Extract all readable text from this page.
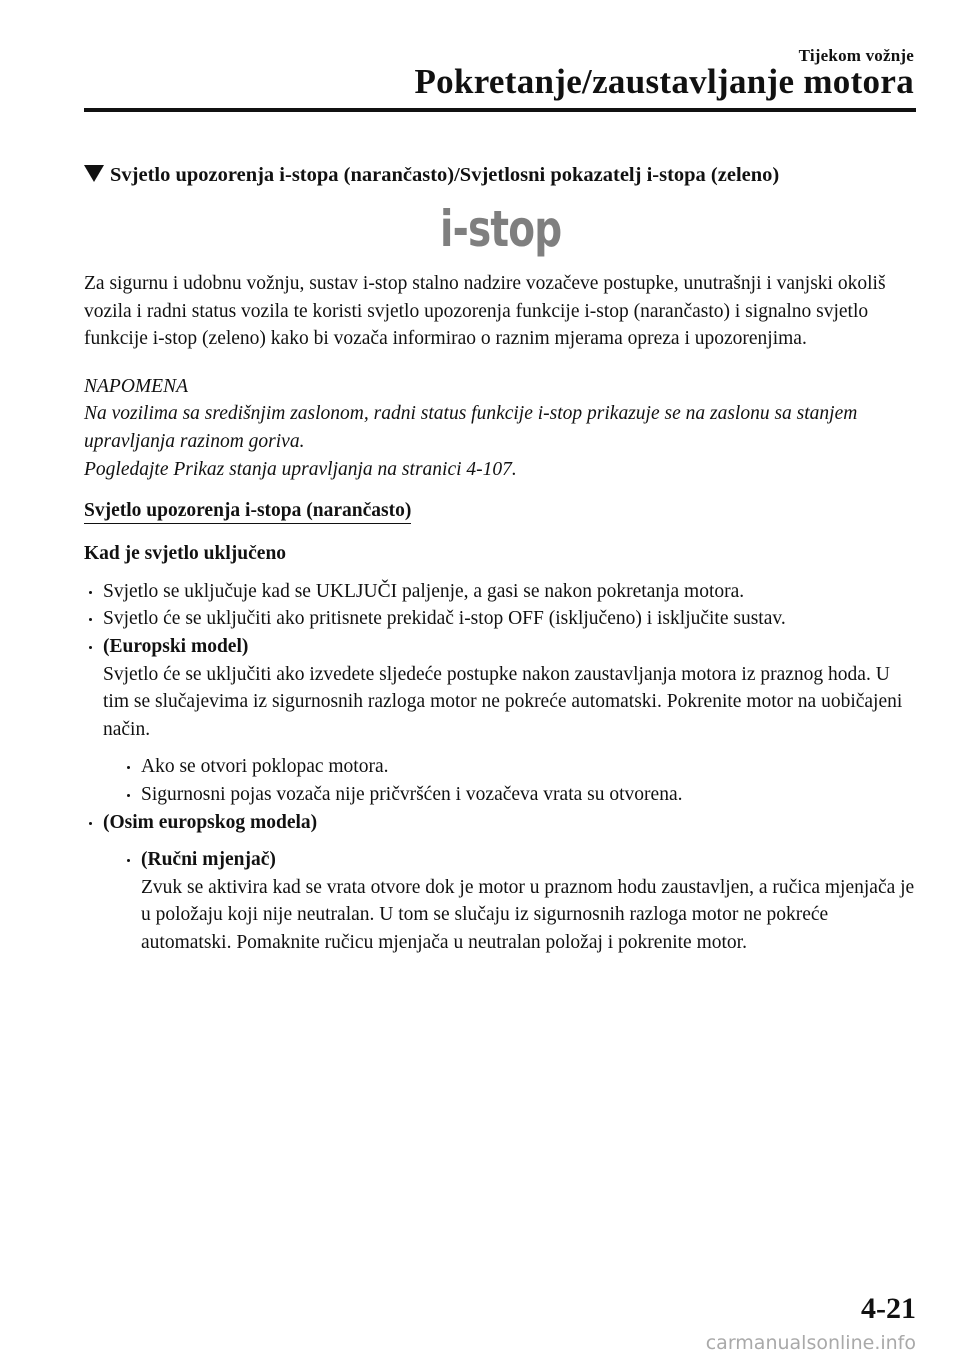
Tijekom vožnje
Pokretanje/zaustavljanje motora
Svjetlo upozorenja i-stopa (narančasto)/Svjetlosni pokazatelj i-stopa (zeleno)
i-stop

Za sigurnu i udobnu vožnju, sustav i-stop stalno nadzire vozačeve postupke, unutrašnji i vanjski okoliš vozila i radni status vozila te koristi svjetlo upozorenja funkcije i-stop (narančasto) i signalno svjetlo funkcije i-stop (zeleno) kako bi vozača informirao o raznim mjerama opreza i upozorenjima.

NAPOMENA

Na vozilima sa središnjim zaslonom, radni status funkcije i-stop prikazuje se na zaslonu sa stanjem upravljanja razinom goriva.
Pogledajte Prikaz stanja upravljanja na stranici 4-107.

Svjetlo upozorenja i-stopa (narančasto)

Kad je svjetlo uključeno

Svjetlo se uključuje kad se UKLJUČI paljenje, a gasi se nakon pokretanja motora.
Svjetlo će se uključiti ako pritisnete prekidač i-stop OFF (isključeno) i isključite sustav.
(Europski model)
Svjetlo će se uključiti ako izvedete sljedeće postupke nakon zaustavljanja motora iz praznog hoda. U tim se slučajevima iz sigurnosnih razloga motor ne pokreće automatski. Pokrenite motor na uobičajeni način.
Ako se otvori poklopac motora.
Sigurnosni pojas vozača nije pričvršćen i vozačeva vrata su otvorena.
(Osim europskog modela)
(Ručni mjenjač)
Zvuk se aktivira kad se vrata otvore dok je motor u praznom hodu zaustavljen, a ručica mjenjača je u položaju koji nije neutralan. U tom se slučaju iz sigurnosnih razloga motor ne pokreće automatski. Pomaknite ručicu mjenjača u neutralan položaj i pokrenite motor.
4-21
carmanualsonline.info
